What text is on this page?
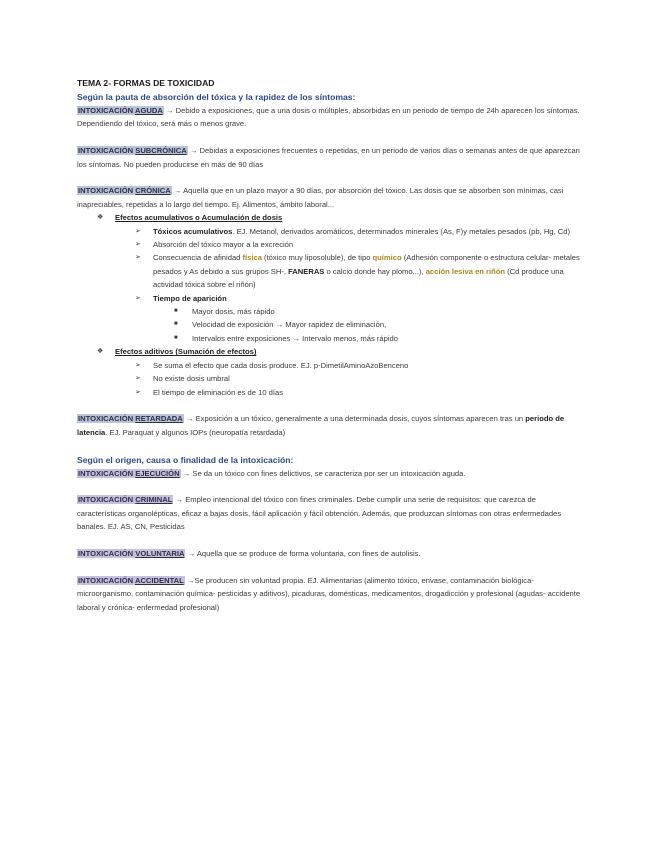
TEMA 2- FORMAS DE TOXICIDAD

Según la pauta de absorción del tóxica y la rapidez de los síntomas:

INTOXICACIÓN AGUDA → Debido a exposiciones, que a una dosis o múltiples, absorbidas en un periodo de tiempo de 24h aparecen los síntomas. Dependiendo del tóxico, será más o menos grave.

INTOXICACIÓN SUBCRÓNICA → Debidas a exposiciones frecuentes o repetidas, en un periodo de varios días o semanas antes de que aparezcan los síntomas. No pueden producirse en más de 90 días

INTOXICACIÓN CRÓNICA → Aquella que en un plazo mayor a 90 días, por absorción del tóxico. Las dosis que se absorben son mínimas, casi inapreciables, repetidas a lo largo del tiempo. Ej. Alimentos, ámbito laboral...

❖ Efectos acumulativos o Acumulación de dosis
➢ Tóxicos acumulativos. EJ. Metanol, derivados aromáticos, determinados minerales (As, F)y metales pesados (pb, Hg, Cd)
➢ Absorción del tóxico mayor a la excreción
➢ Consecuencia de afinidad física (tóxico muy liposoluble), de tipo químico (Adhesión componente o estructura celular- metales pesados y As debido a sus grupos SH-, FANERAS o calcio donde hay plomo...), acción lesiva en riñón (Cd produce una actividad tóxica sobre el riñón)
➢ Tiempo de aparición
■ Mayor dosis, más rápido
■ Velocidad de exposición → Mayor rapidez de eliminación,
■ Intervalos entre exposiciones → Intervalo menos, más rápido
❖ Efectos aditivos (Sumación de efectos)
➢ Se suma el efecto que cada dosis produce. EJ. p-DimetilAminoAzoBenceno
➢ No existe dosis umbral
➢ El tiempo de eliminación es de 10 días

INTOXICACIÓN RETARDADA → Exposición a un tóxico, generalmente a una determinada dosis, cuyos síntomas aparecen tras un periodo de latencia. EJ. Paraquat y algunos IOPs (neuropatía retardada)

Según el origen, causa o finalidad de la intoxicación:

INTOXICACIÓN EJECUCIÓN → Se da un tóxico con fines delictivos, se caracteriza por ser un intoxicación aguda.

INTOXICACIÓN CRIMINAL → Empleo intencional del tóxico con fines criminales. Debe cumplir una serie de requisitos: que carezca de características organolépticas, eficaz a bajas dosis, fácil aplicación y fácil obtención. Además, que produzcan síntomas con otras enfermedades banales. EJ. AS, CN, Pesticidas

INTOXICACIÓN VOLUNTARIA → Aquella que se produce de forma voluntaria, con fines de autolisis.

INTOXICACIÓN ACCIDENTAL →Se producen sin voluntad propia. EJ. Alimentarias (alimento tóxico, envase, contaminación biológica- microorganismo, contaminación química- pesticidas y aditivos), picaduras, domésticas, medicamentos, drogadicción y profesional (agudas- accidente laboral y crónica- enfermedad profesional)
